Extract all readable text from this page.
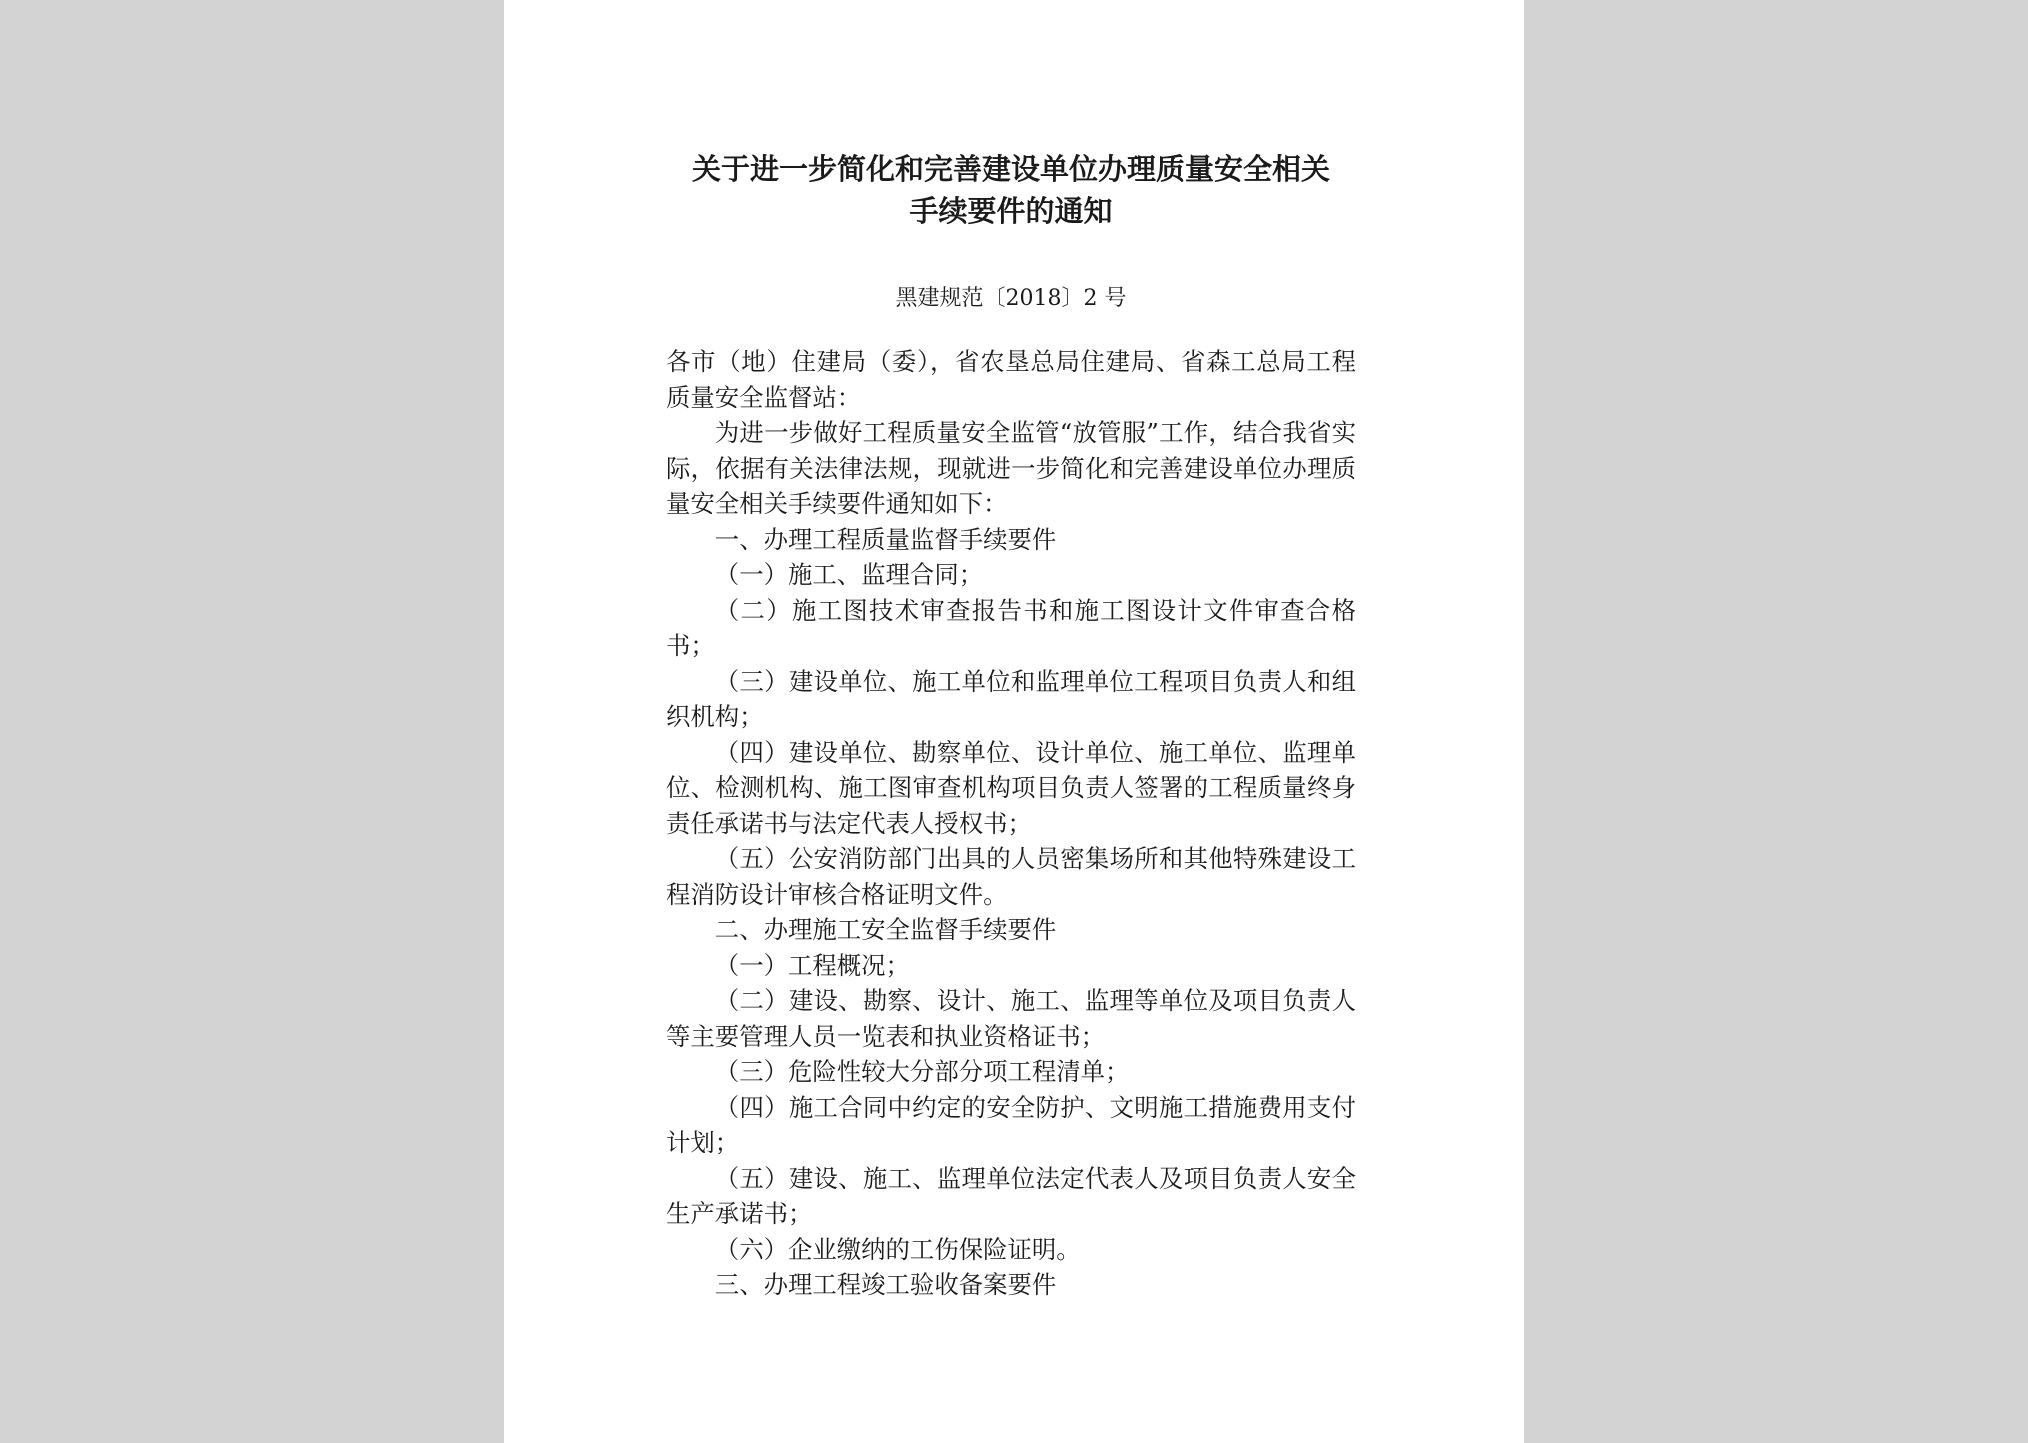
关于进一步简化和完善建设单位办理质量安全相关
手续要件的通知
黑建规范〔2018〕2 号

各市（地）住建局（委），省农垦总局住建局、省森工总局工程质量安全监督站：

为进一步做好工程质量安全监管“放管服”工作，结合我省实际，依据有关法律法规，现就进一步简化和完善建设单位办理质量安全相关手续要件通知如下：

一、办理工程质量监督手续要件

（一）施工、监理合同；

（二）施工图技术审查报告书和施工图设计文件审查合格书；

（三）建设单位、施工单位和监理单位工程项目负责人和组织机构；

（四）建设单位、勘察单位、设计单位、施工单位、监理单位、检测机构、施工图审查机构项目负责人签署的工程质量终身责任承诺书与法定代表人授权书；

（五）公安消防部门出具的人员密集场所和其他特殊建设工程消防设计审核合格证明文件。

二、办理施工安全监督手续要件

（一）工程概况；

（二）建设、勘察、设计、施工、监理等单位及项目负责人等主要管理人员一览表和执业资格证书；

（三）危险性较大分部分项工程清单；

（四）施工合同中约定的安全防护、文明施工措施费用支付计划；

（五）建设、施工、监理单位法定代表人及项目负责人安全生产承诺书；

（六）企业缴纳的工伤保险证明。

三、办理工程竣工验收备案要件
